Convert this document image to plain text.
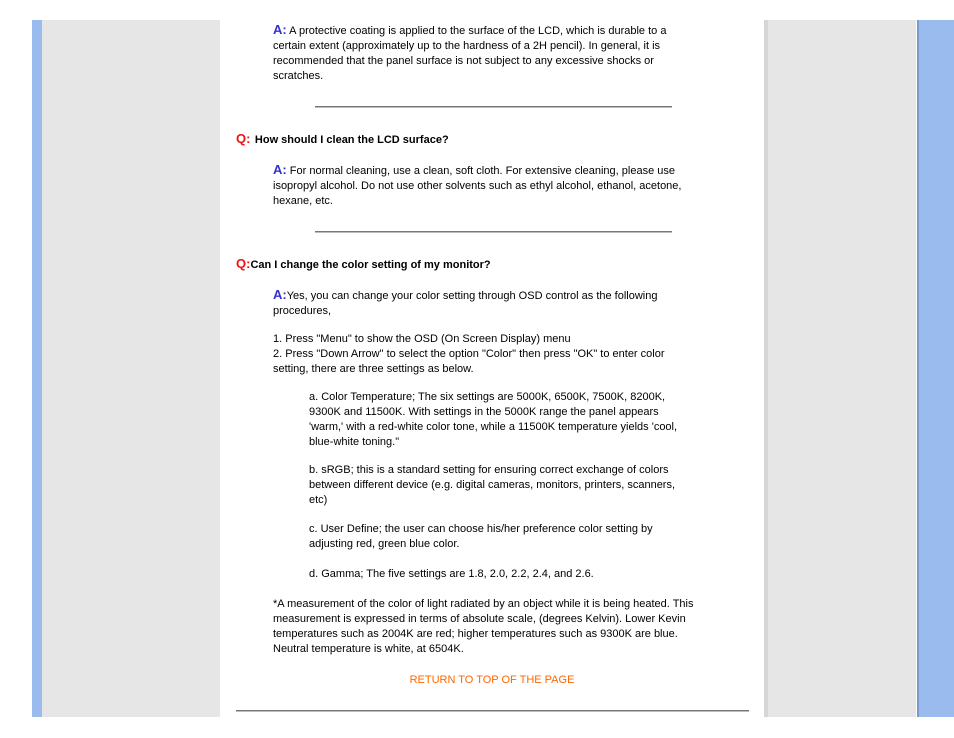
A: A protective coating is applied to the surface of the LCD, which is durable to a certain extent (approximately up to the hardness of a 2H pencil). In general, it is recommended that the panel surface is not subject to any excessive shocks or scratches.
Q: How should I clean the LCD surface?
A: For normal cleaning, use a clean, soft cloth. For extensive cleaning, please use isopropyl alcohol. Do not use other solvents such as ethyl alcohol, ethanol, acetone, hexane, etc.
Q:Can I change the color setting of my monitor?
A:Yes, you can change your color setting through OSD control as the following procedures,
1. Press "Menu" to show the OSD (On Screen Display) menu
2. Press "Down Arrow" to select the option "Color" then press "OK" to enter color setting, there are three settings as below.
a. Color Temperature; The six settings are 5000K, 6500K, 7500K, 8200K, 9300K and 11500K. With settings in the 5000K range the panel appears 'warm,' with a red-white color tone, while a 11500K temperature yields 'cool, blue-white toning."
b. sRGB; this is a standard setting for ensuring correct exchange of colors between different device (e.g. digital cameras, monitors, printers, scanners, etc)
c. User Define; the user can choose his/her preference color setting by adjusting red, green blue color.
d. Gamma; The five settings are 1.8, 2.0, 2.2, 2.4, and 2.6.
*A measurement of the color of light radiated by an object while it is being heated. This measurement is expressed in terms of absolute scale, (degrees Kelvin). Lower Kevin temperatures such as 2004K are red; higher temperatures such as 9300K are blue. Neutral temperature is white, at 6504K.
RETURN TO TOP OF THE PAGE
